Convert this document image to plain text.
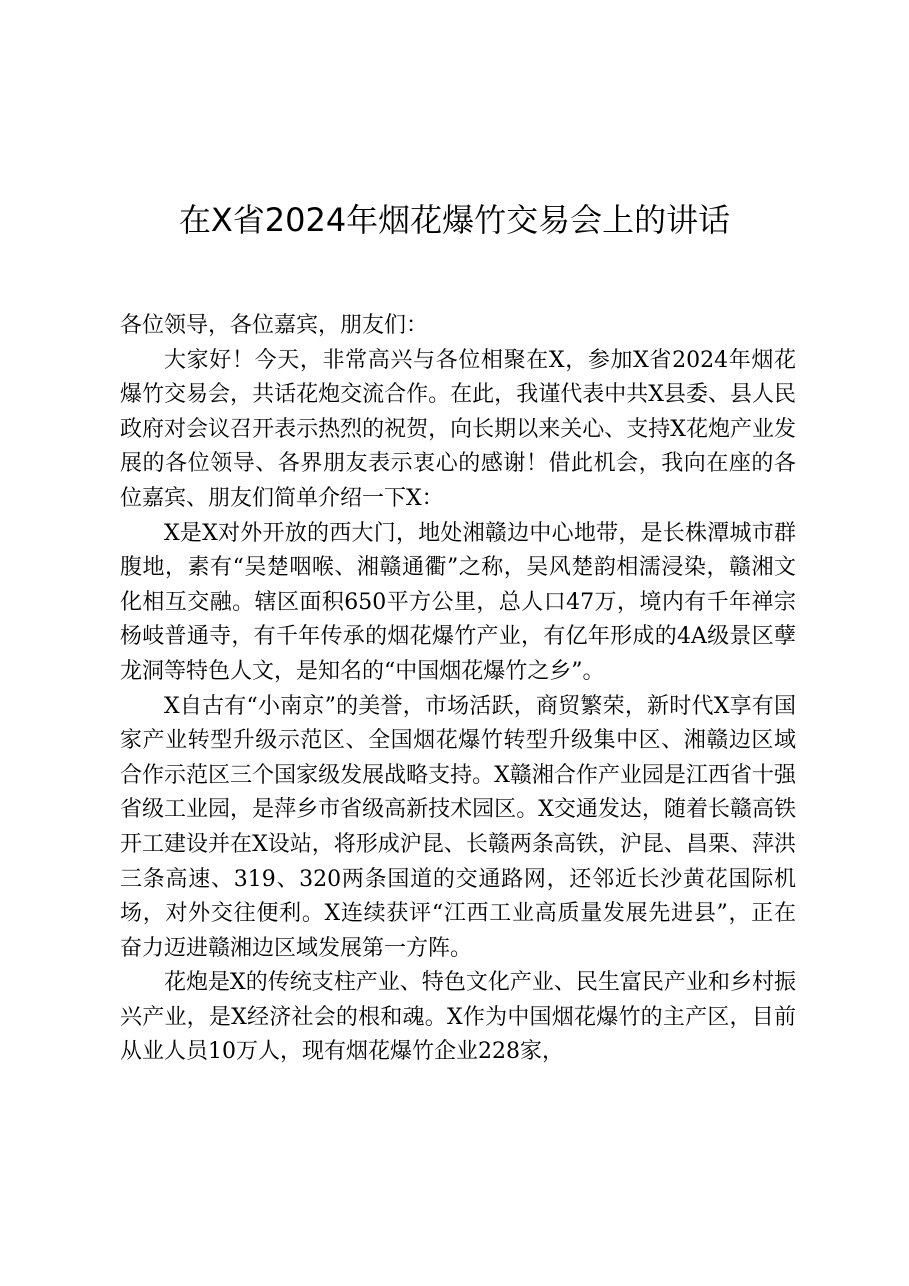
在X省2024年烟花爆竹交易会上的讲话

各位领导，各位嘉宾，朋友们：

大家好！今天，非常高兴与各位相聚在X，参加X省2024年烟花爆竹交易会，共话花炮交流合作。在此，我谨代表中共X县委、县人民政府对会议召开表示热烈的祝贺，向长期以来关心、支持X花炮产业发展的各位领导、各界朋友表示衷心的感谢！借此机会，我向在座的各位嘉宾、朋友们简单介绍一下X：

X是X对外开放的西大门，地处湘赣边中心地带，是长株潭城市群腹地，素有“吴楚咽喉、湘赣通衢”之称，吴风楚韵相濡浸染，赣湘文化相互交融。辖区面积650平方公里，总人口47万，境内有千年禅宗杨岐普通寺，有千年传承的烟花爆竹产业，有亿年形成的4A级景区孽龙洞等特色人文，是知名的“中国烟花爆竹之乡”。

X自古有“小南京”的美誉，市场活跃，商贸繁荣，新时代X享有国家产业转型升级示范区、全国烟花爆竹转型升级集中区、湘赣边区域合作示范区三个国家级发展战略支持。X赣湘合作产业园是江西省十强省级工业园，是萍乡市省级高新技术园区。X交通发达，随着长赣高铁开工建设并在X设站，将形成沪昆、长赣两条高铁，沪昆、昌栗、萍洪三条高速、319、320两条国道的交通路网，还邻近长沙黄花国际机场，对外交往便利。X连续获评“江西工业高质量发展先进县”，正在奋力迈进赣湘边区域发展第一方阵。

花炮是X的传统支柱产业、特色文化产业、民生富民产业和乡村振兴产业，是X经济社会的根和魂。X作为中国烟花爆竹的主产区，目前从业人员10万人，现有烟花爆竹企业228家，
